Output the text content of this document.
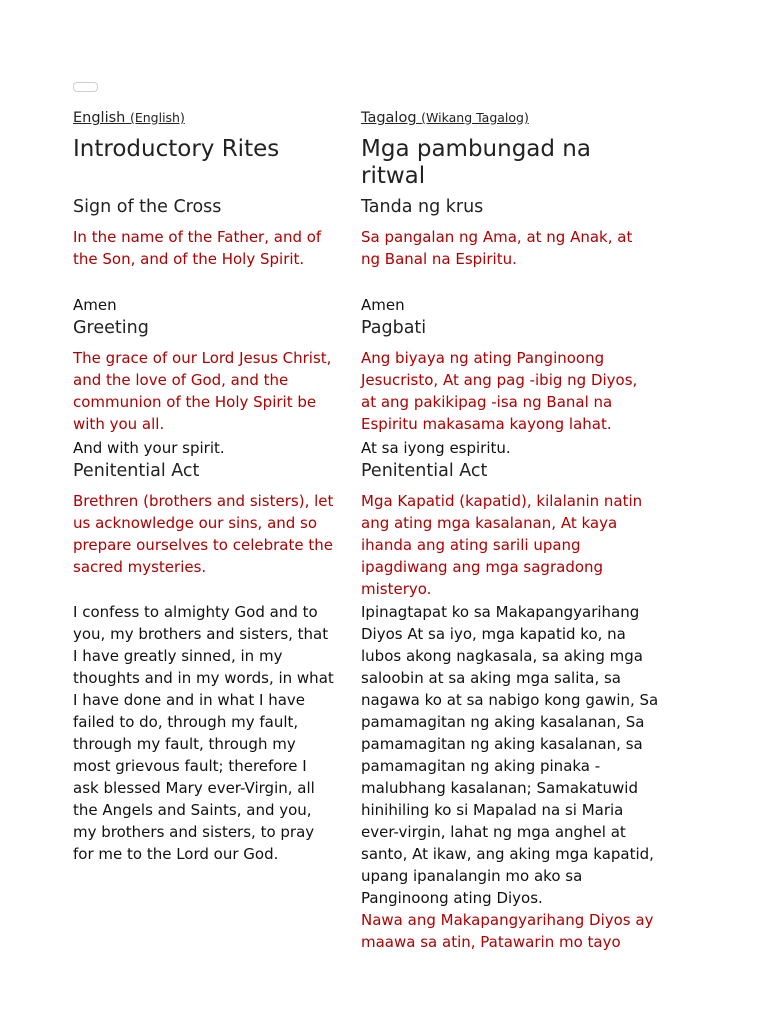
English (English)
Introductory Rites
Sign of the Cross
In the name of the Father, and of the Son, and of the Holy Spirit.
Amen
Greeting
The grace of our Lord Jesus Christ, and the love of God, and the communion of the Holy Spirit be with you all.
And with your spirit.
Penitential Act
Brethren (brothers and sisters), let us acknowledge our sins, and so prepare ourselves to celebrate the sacred mysteries.
I confess to almighty God and to you, my brothers and sisters, that I have greatly sinned, in my thoughts and in my words, in what I have done and in what I have failed to do, through my fault, through my fault, through my most grievous fault; therefore I ask blessed Mary ever-Virgin, all the Angels and Saints, and you, my brothers and sisters, to pray for me to the Lord our God.
Tagalog (Wikang Tagalog)
Mga pambungad na ritwal
Tanda ng krus
Sa pangalan ng Ama, at ng Anak, at ng Banal na Espiritu.
Amen
Pagbati
Ang biyaya ng ating Panginoong Jesucristo, At ang pag -ibig ng Diyos, at ang pakikipag -isa ng Banal na Espiritu makasama kayong lahat.
At sa iyong espiritu.
Penitential Act
Mga Kapatid (kapatid), kilalanin natin ang ating mga kasalanan, At kaya ihanda ang ating sarili upang ipagdiwang ang mga sagradong misteryo.
Ipinagtapat ko sa Makapangyarihang Diyos At sa iyo, mga kapatid ko, na lubos akong nagkasala, sa aking mga saloobin at sa aking mga salita, sa nagawa ko at sa nabigo kong gawin, Sa pamamagitan ng aking kasalanan, Sa pamamagitan ng aking kasalanan, sa pamamagitan ng aking pinaka -malubhang kasalanan; Samakatuwid hinihiling ko si Mapalad na si Maria ever-virgin, lahat ng mga anghel at santo, At ikaw, ang aking mga kapatid, upang ipanalangin mo ako sa Panginoong ating Diyos.
Nawa ang Makapangyarihang Diyos ay maawa sa atin, Patawarin mo tayo
